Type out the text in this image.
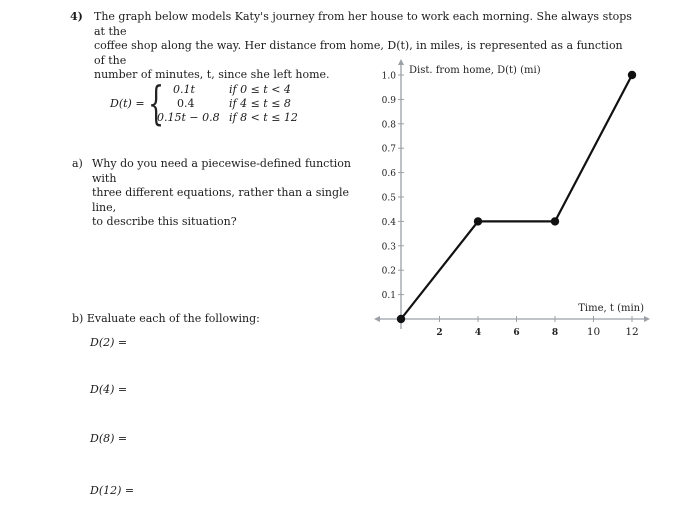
4) The graph below models Katy's journey from her house to work each morning. She always stops at the
coffee shop along the way. Her distance from home, D(t), in miles, is represented as a function of the
number of minutes, t, since she left home.
D(t) = { 0.1t	if 0 ≤ t < 4
0.4	if 4 ≤ t ≤ 8
0.15t − 0.8 if 8 < t ≤ 12
a) Why do you need a piecewise-defined function with
three different equations, rather than a single line,
to describe this situation?
b) Evaluate each of the following:
D(2) =
D(4) =
D(8) =
D(12) =
2	4	6	8	10 12
0.1
0.2
0.3
0.4
0.5
0.6
0.7
0.8
0.9
1.0
Dist. from home, D(t) (mi)
Time, t (min)
